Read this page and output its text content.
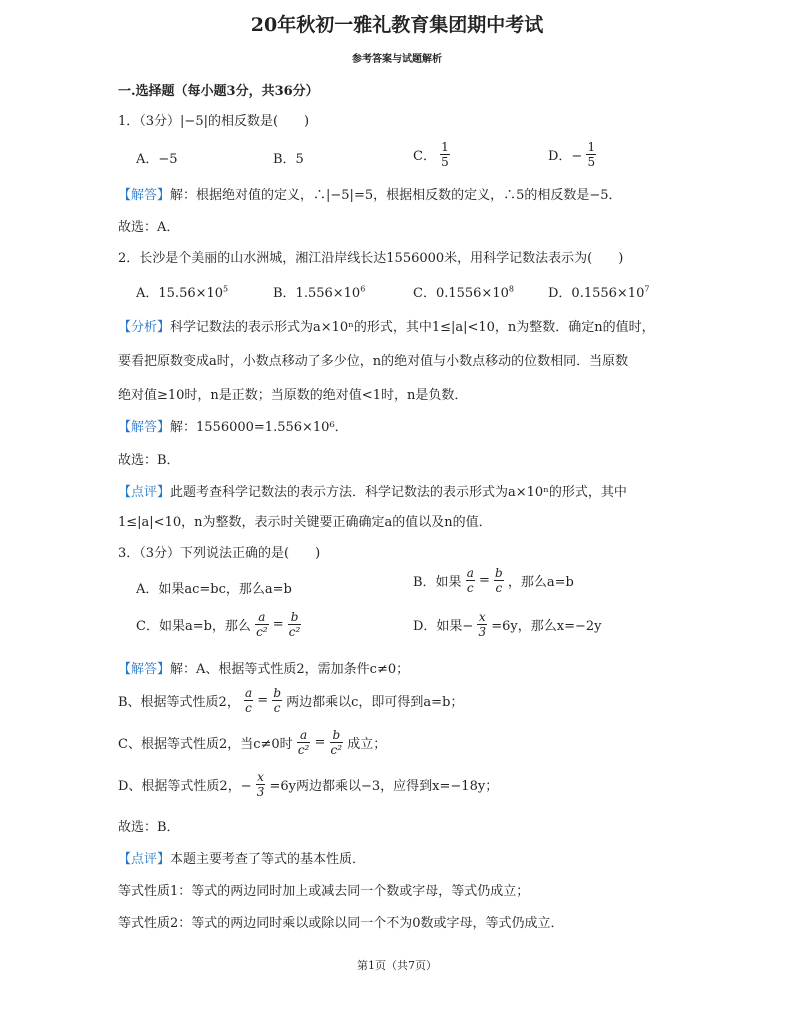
20年秋初一雅礼教育集团期中考试
参考答案与试题解析
一.选择题（每小题3分，共36分）
1．（3分）|−5|的相反数是(　　)
A．−5	B．5	C． $\frac{1}{5}$	D．− $\frac{1}{5}$
【解答】解：根据绝对值的定义，∴|−5|=5，根据相反数的定义，∴5的相反数是−5．
故选：A．
2．长沙是个美丽的山水洲城，湘江沿岸线长达1556000米，用科学记数法表示为(　　)
A．$15.56\times 10^5$	B．$1.556\times 10^6$	C．$0.1556\times 10^8$	D．$0.1556\times 10^7$
【分析】科学记数法的表示形式为a×10ⁿ的形式，其中1≤|a|<10，n为整数．确定n的值时，
要看把原数变成a时，小数点移动了多少位，n的绝对值与小数点移动的位数相同．当原数
绝对值≥10时，n是正数；当原数的绝对值<1时，n是负数．
【解答】解：1556000=1.556×10⁶．
故选：B．
【点评】此题考查科学记数法的表示方法．科学记数法的表示形式为a×10ⁿ的形式，其中
1≤|a|<10，n为整数，表示时关键要正确确定a的值以及n的值．
3．（3分）下列说法正确的是(　　)
A．如果ac=bc，那么a=b	B．如果 $\frac{a}{c} = \frac{b}{c}$ ，那么a=b
C．如果a=b，那么 $\frac{a}{\text{c²}} = \frac{b}{\text{c²}}$	D．如果− $\frac{x}{3} =6y$，那么x=−2y
【解答】解：A、根据等式性质2，需加条件c≠0；
B、根据等式性质2， $\frac{a}{c} = \frac{b}{c}$ 两边都乘以c，即可得到a=b；
C、根据等式性质2，当c≠0时 $\frac{a}{\text{c²}} = \frac{b}{\text{c²}}$ 成立；
D、根据等式性质2，− $\frac{x}{3} =6y$两边都乘以−3，应得到x=−18y；
故选：B．
【点评】本题主要考查了等式的基本性质．
等式性质1：等式的两边同时加上或减去同一个数或字母，等式仍成立；
等式性质2：等式的两边同时乘以或除以同一个不为0数或字母，等式仍成立．
第1页（共7页）
